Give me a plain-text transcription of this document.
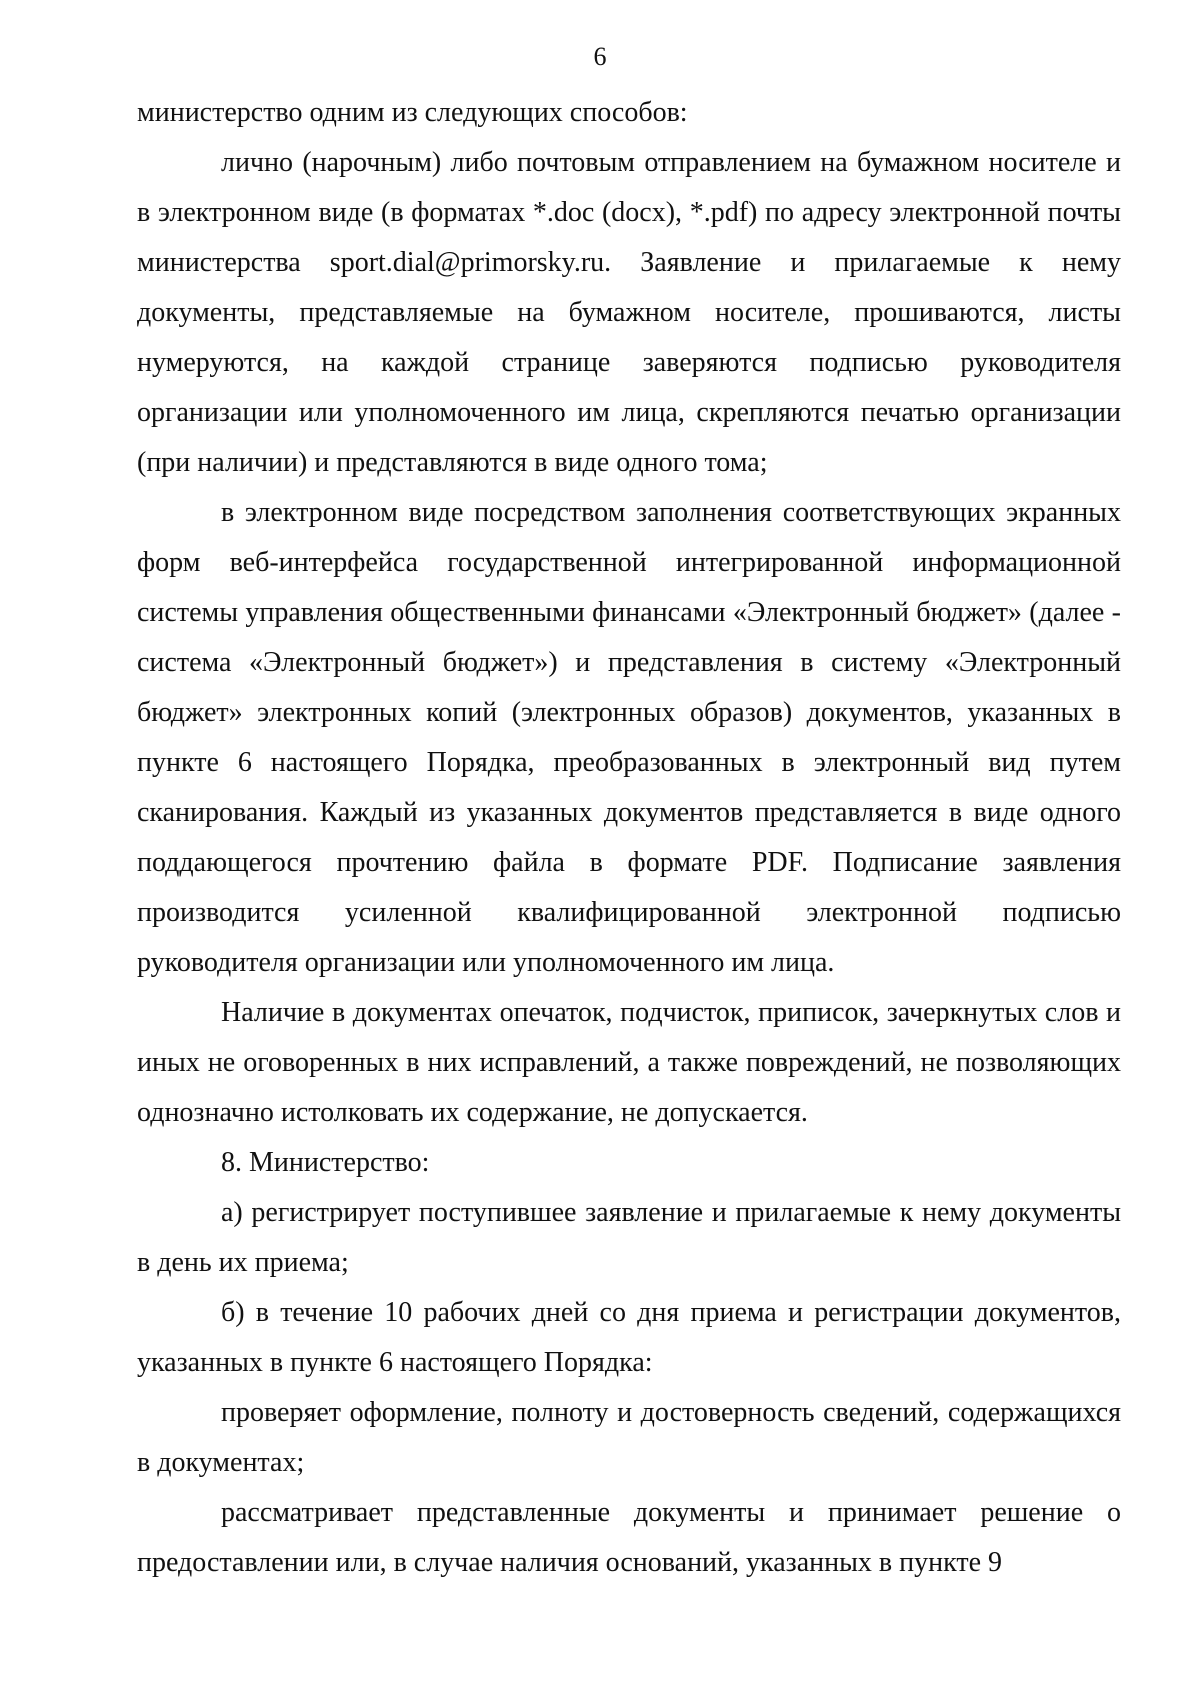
6

министерство одним из следующих способов:

лично (нарочным) либо почтовым отправлением на бумажном носителе и в электронном виде (в форматах *.doc (docx), *.pdf) по адресу электронной почты министерства sport.dial@primorsky.ru. Заявление и прилагаемые к нему документы, представляемые на бумажном носителе, прошиваются, листы нумеруются, на каждой странице заверяются подписью руководителя организации или уполномоченного им лица, скрепляются печатью организации (при наличии) и представляются в виде одного тома;

в электронном виде посредством заполнения соответствующих экранных форм веб-интерфейса государственной интегрированной информационной системы управления общественными финансами «Электронный бюджет» (далее - система «Электронный бюджет») и представления в систему «Электронный бюджет» электронных копий (электронных образов) документов, указанных в пункте 6 настоящего Порядка, преобразованных в электронный вид путем сканирования. Каждый из указанных документов представляется в виде одного поддающегося прочтению файла в формате PDF. Подписание заявления производится усиленной квалифицированной электронной подписью руководителя организации или уполномоченного им лица.

Наличие в документах опечаток, подчисток, приписок, зачеркнутых слов и иных не оговоренных в них исправлений, а также повреждений, не позволяющих однозначно истолковать их содержание, не допускается.

8. Министерство:

а) регистрирует поступившее заявление и прилагаемые к нему документы в день их приема;

б) в течение 10 рабочих дней со дня приема и регистрации документов, указанных в пункте 6 настоящего Порядка:

проверяет оформление, полноту и достоверность сведений, содержащихся в документах;

рассматривает представленные документы и принимает решение о предоставлении или, в случае наличия оснований, указанных в пункте 9
